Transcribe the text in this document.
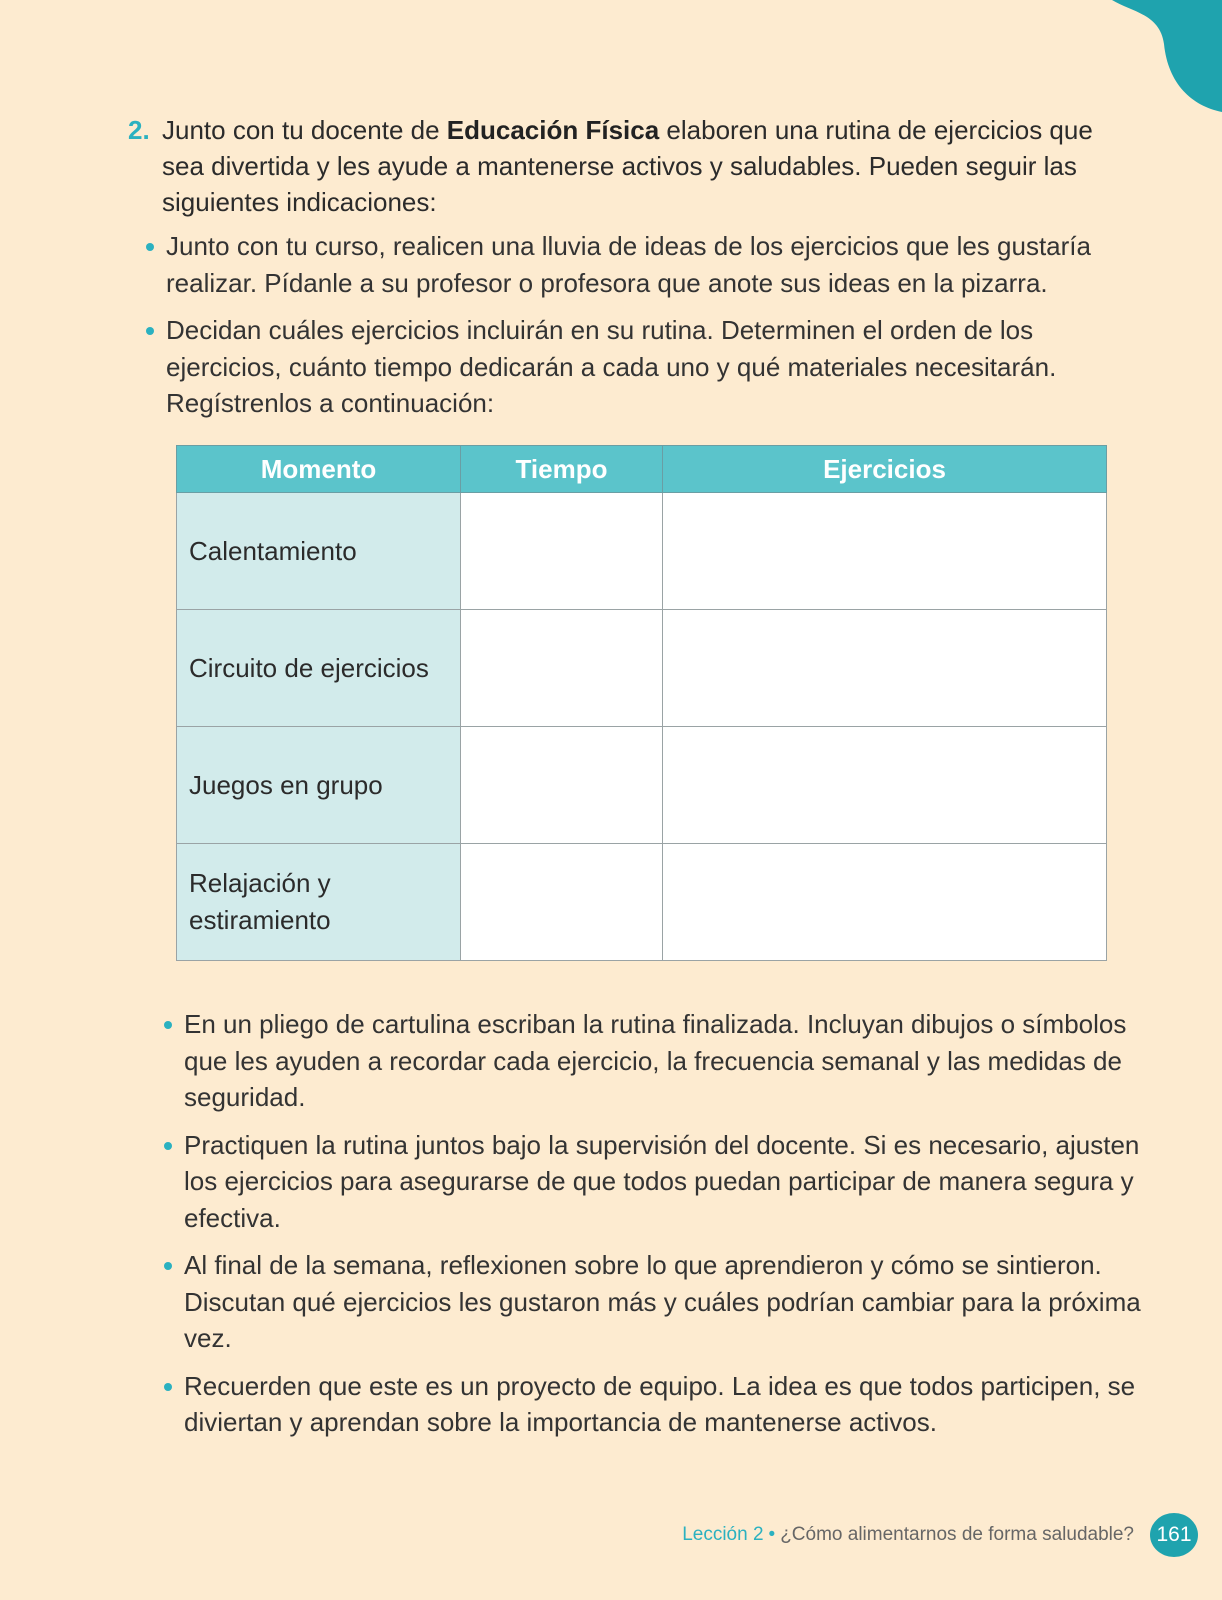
2. Junto con tu docente de Educación Física elaboren una rutina de ejercicios que sea divertida y les ayude a mantenerse activos y saludables. Pueden seguir las siguientes indicaciones:
Junto con tu curso, realicen una lluvia de ideas de los ejercicios que les gustaría realizar. Pídanle a su profesor o profesora que anote sus ideas en la pizarra.
Decidan cuáles ejercicios incluirán en su rutina. Determinen el orden de los ejercicios, cuánto tiempo dedicarán a cada uno y qué materiales necesitarán. Regístrenlos a continuación:
Momento	Tiempo	Ejercicios
Calentamiento		
Circuito de ejercicios		
Juegos en grupo		
Relajación y estiramiento		
En un pliego de cartulina escriban la rutina finalizada. Incluyan dibujos o símbolos que les ayuden a recordar cada ejercicio, la frecuencia semanal y las medidas de seguridad.
Practiquen la rutina juntos bajo la supervisión del docente. Si es necesario, ajusten los ejercicios para asegurarse de que todos puedan participar de manera segura y efectiva.
Al final de la semana, reflexionen sobre lo que aprendieron y cómo se sintieron. Discutan qué ejercicios les gustaron más y cuáles podrían cambiar para la próxima vez.
Recuerden que este es un proyecto de equipo. La idea es que todos participen, se diviertan y aprendan sobre la importancia de mantenerse activos.
Lección 2 • ¿Cómo alimentarnos de forma saludable?	161
